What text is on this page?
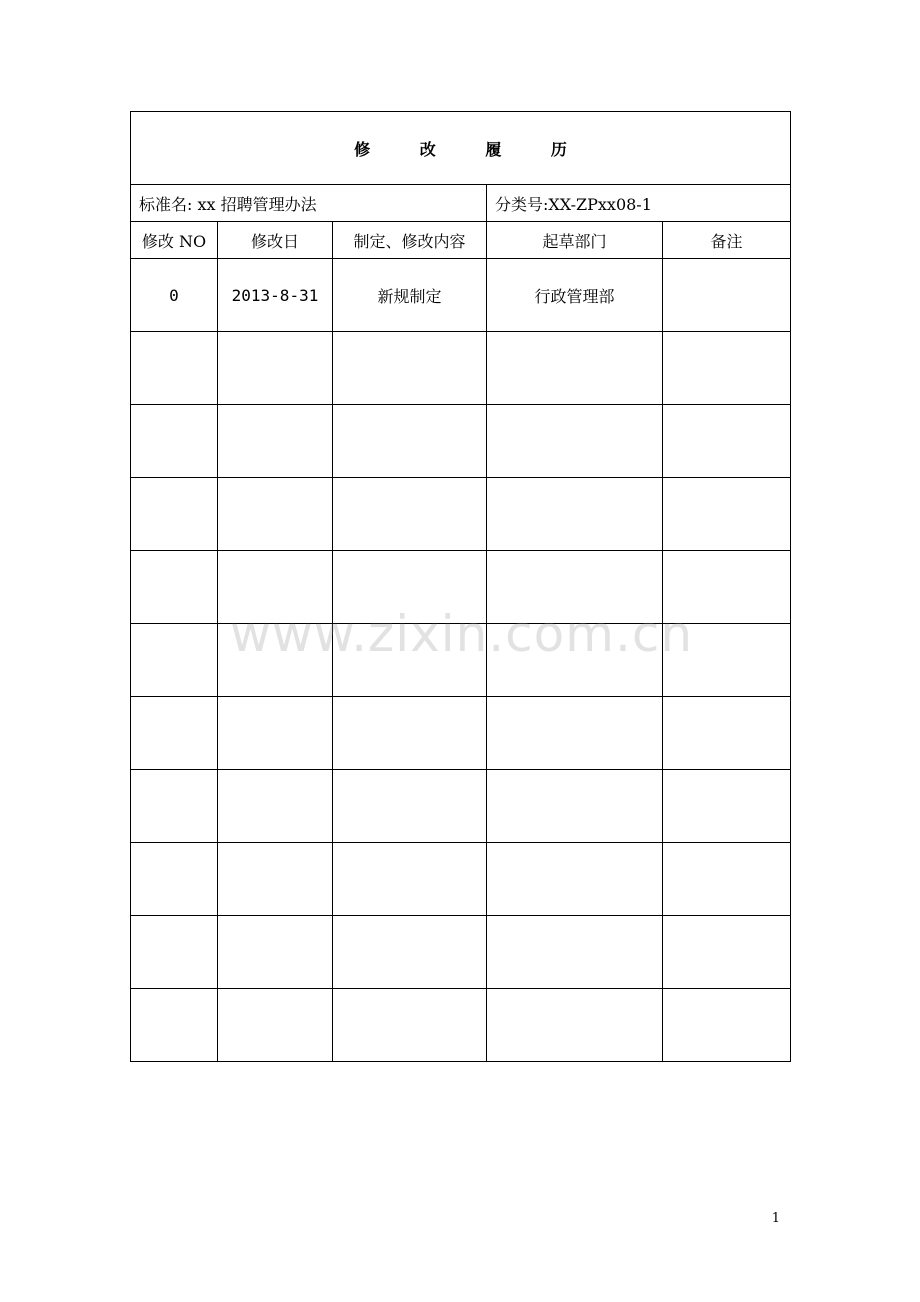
修 改 履 历				
标准名: xx 招聘管理办法			分类号:XX-ZPxx08-1	
修改 NO	修改日	制定、修改内容	起草部门	备注
0	2013-8-31	新规制定	行政管理部	

www.zixin.com.cn
1
